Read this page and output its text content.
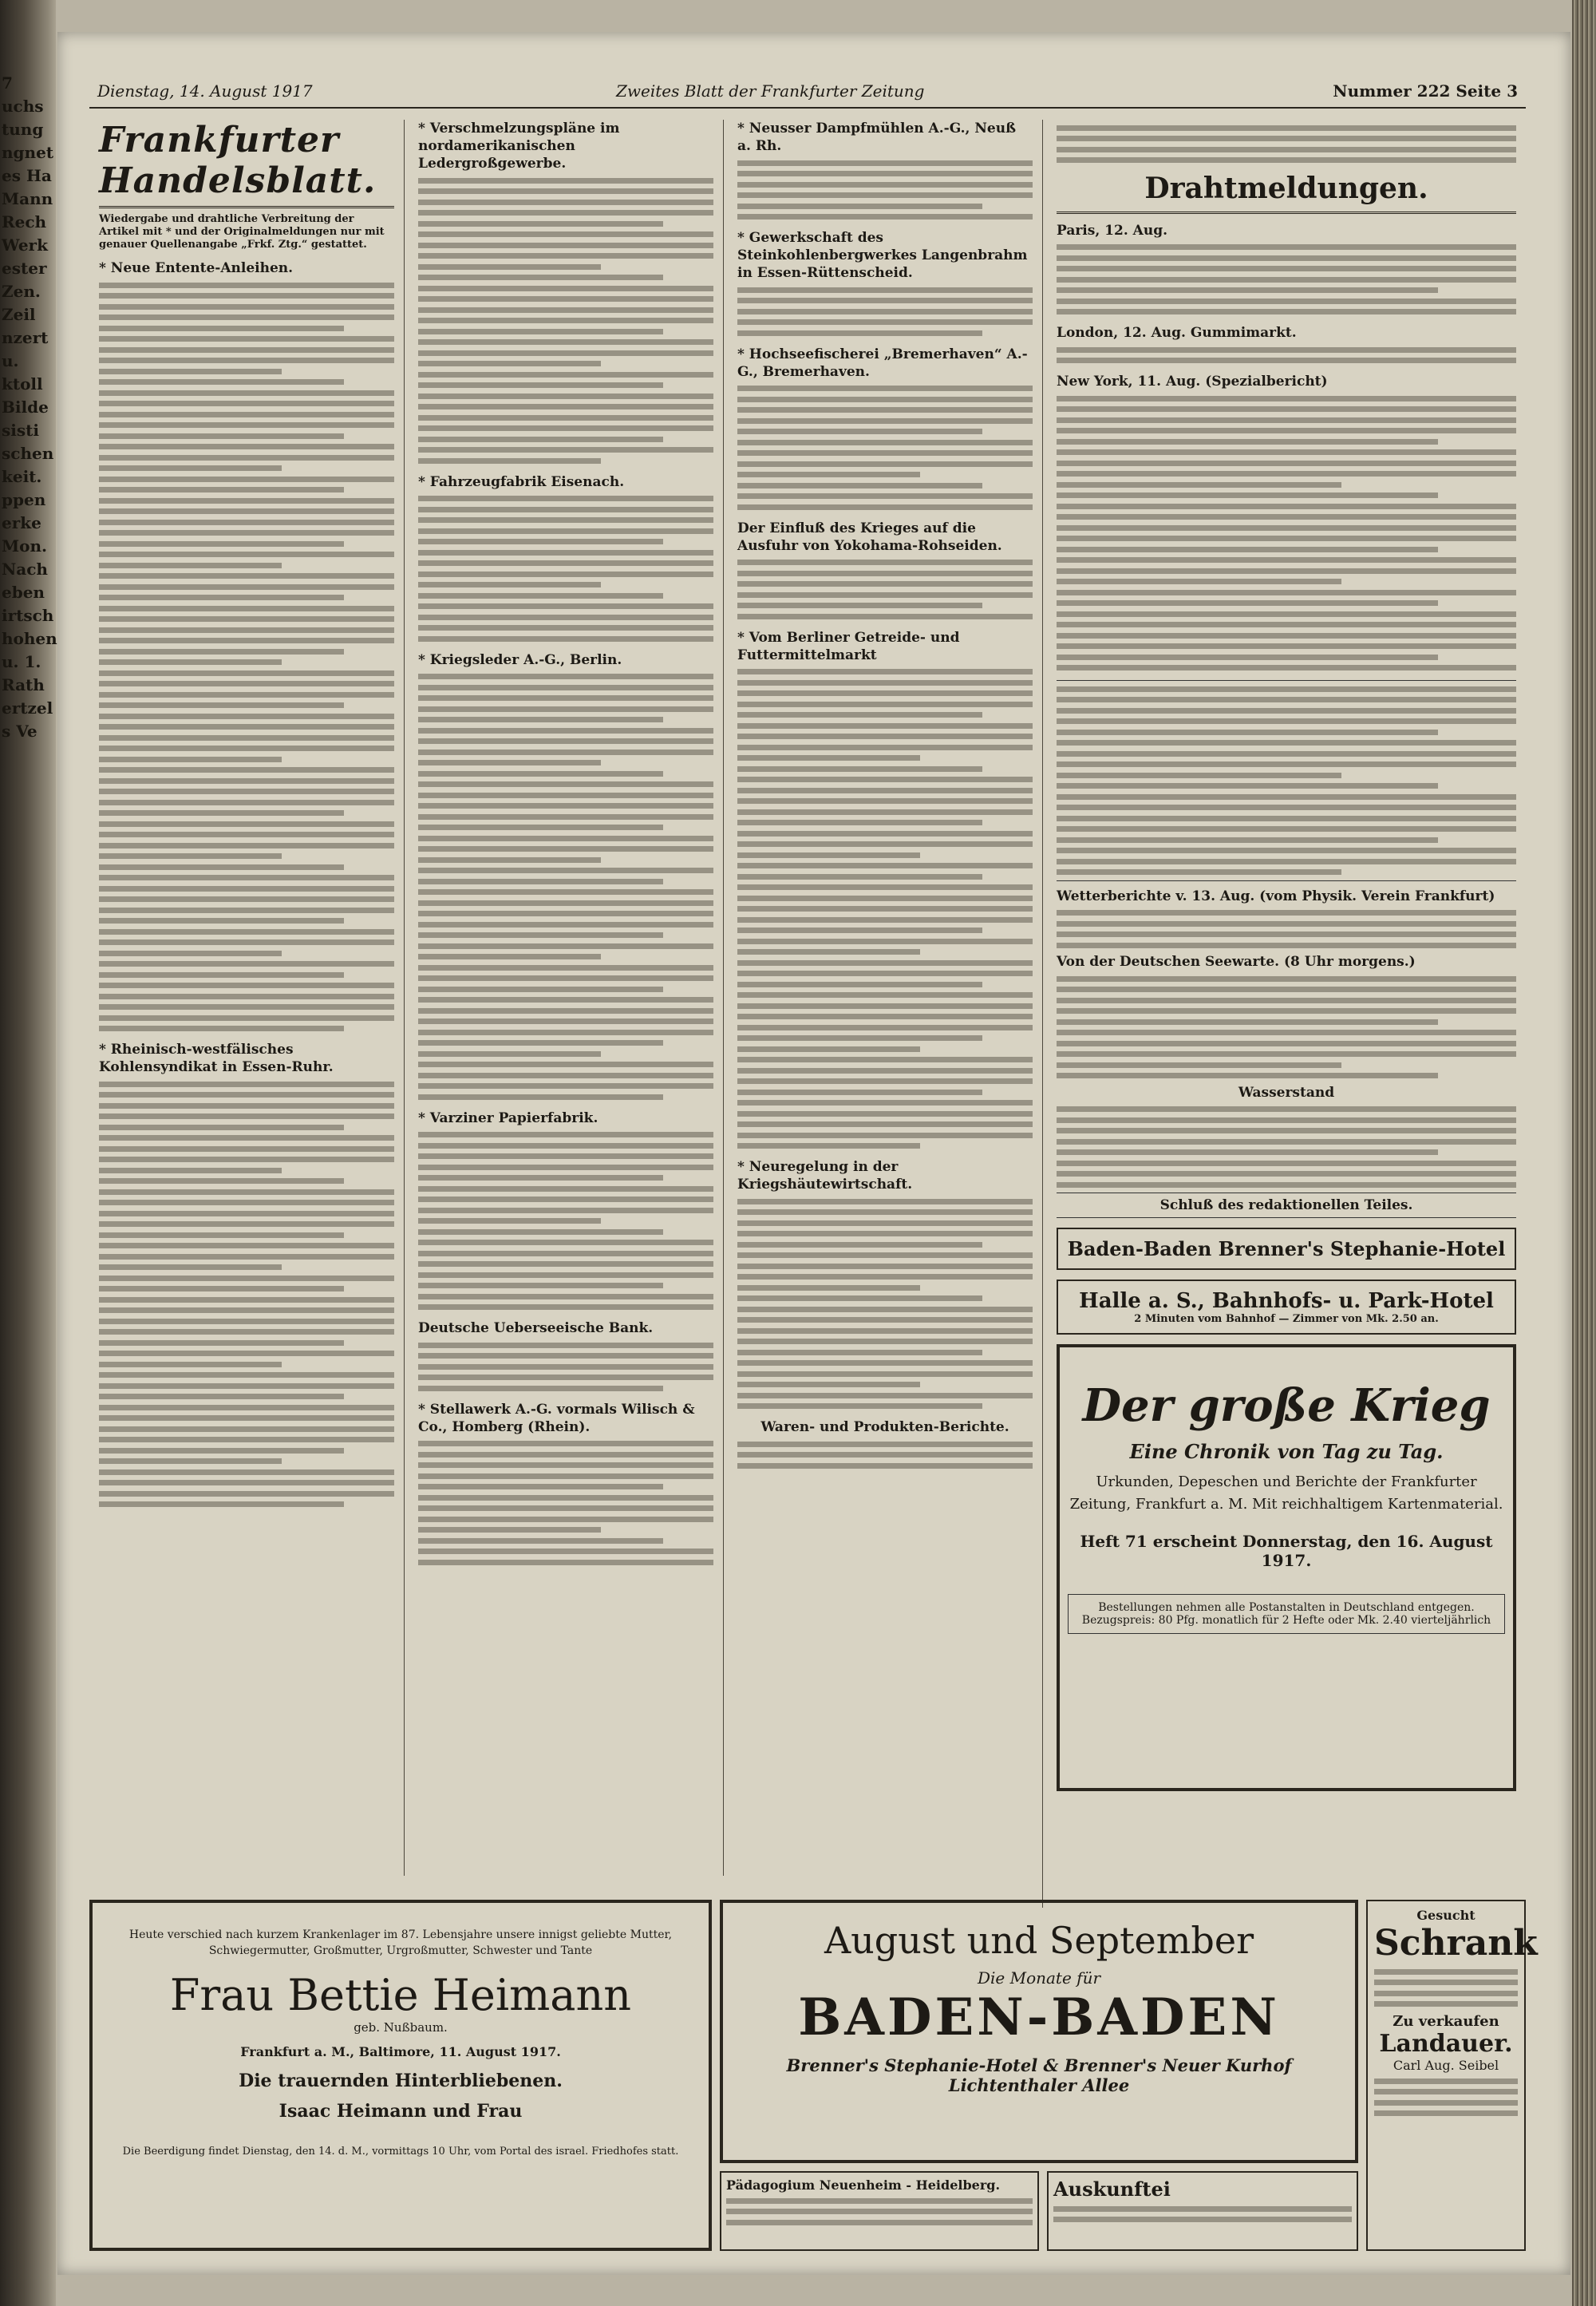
7
uchs
tung
ngnet
es Ha
Mann
Rech
Werk
ester
Zen.
Zeil
nzert
u.
ktoll
Bilde
sisti
schen
keit.
ppen
erke
Mon.
Nach
eben
irtsch
hohen
u. 1.
Rath
ertzel
s Ve
Dienstag, 14. August 1917	Zweites Blatt der Frankfurter Zeitung	Nummer 222 Seite 3
Frankfurter Handelsblatt.
Wiedergabe und drahtliche Verbreitung der Artikel mit * und der Originalmeldungen nur mit genauer Quellenangabe „Frkf. Ztg.“ gestattet.
* Neue Entente-Anleihen.
* Rheinisch-westfälisches Kohlensyndikat in Essen-Ruhr.
* Verschmelzungspläne im nordamerikanischen Ledergroßgewerbe.
* Fahrzeugfabrik Eisenach.
* Kriegsleder A.-G., Berlin.
* Varziner Papierfabrik.
Deutsche Ueberseeische Bank.
* Stellawerk A.-G. vormals Wilisch & Co., Homberg (Rhein).
* Neusser Dampfmühlen A.-G., Neuß a. Rh.
* Gewerkschaft des Steinkohlenbergwerkes Langenbrahm in Essen-Rüttenscheid.
* Hochseefischerei „Bremerhaven“ A.-G., Bremerhaven.
Der Einfluß des Krieges auf die Ausfuhr von Yokohama-Rohseiden.
* Vom Berliner Getreide- und Futtermittelmarkt
* Neuregelung in der Kriegshäutewirtschaft.
Waren- und Produkten-Berichte.
Drahtmeldungen.
Paris, 12. Aug.
London, 12. Aug. Gummimarkt.
New York, 11. Aug. (Spezialbericht)
Wetterberichte v. 13. Aug. (vom Physik. Verein Frankfurt)
Von der Deutschen Seewarte. (8 Uhr morgens.)
Wasserstand
Schluß des redaktionellen Teiles.
Baden-Baden Brenner's Stephanie-Hotel
Halle a. S., Bahnhofs- u. Park-Hotel
2 Minuten vom Bahnhof — Zimmer von Mk. 2.50 an.
Der große Krieg
Eine Chronik von Tag zu Tag.
Urkunden, Depeschen und Berichte der Frankfurter Zeitung, Frankfurt a. M. Mit reichhaltigem Kartenmaterial.
Heft 71 erscheint Donnerstag, den 16. August 1917.
Bestellungen nehmen alle Postanstalten in Deutschland entgegen. Bezugspreis: 80 Pfg. monatlich für 2 Hefte oder Mk. 2.40 vierteljährlich
Heute verschied nach kurzem Krankenlager im 87. Lebensjahre unsere innigst geliebte Mutter, Schwiegermutter, Großmutter, Urgroßmutter, Schwester und Tante
Frau Bettie Heimann
geb. Nußbaum.
Frankfurt a. M., Baltimore, 11. August 1917.
Die trauernden Hinterbliebenen.
Isaac Heimann und Frau
Die Beerdigung findet Dienstag, den 14. d. M., vormittags 10 Uhr, vom Portal des israel. Friedhofes statt.
August und September
Die Monate für
BADEN-BADEN
Brenner's Stephanie-Hotel & Brenner's Neuer Kurhof
Lichtenthaler Allee
Pädagogium Neuenheim - Heidelberg.	Auskunftei
Gesucht
Schrank
Zu verkaufen
Landauer.
Carl Aug. Seibel
